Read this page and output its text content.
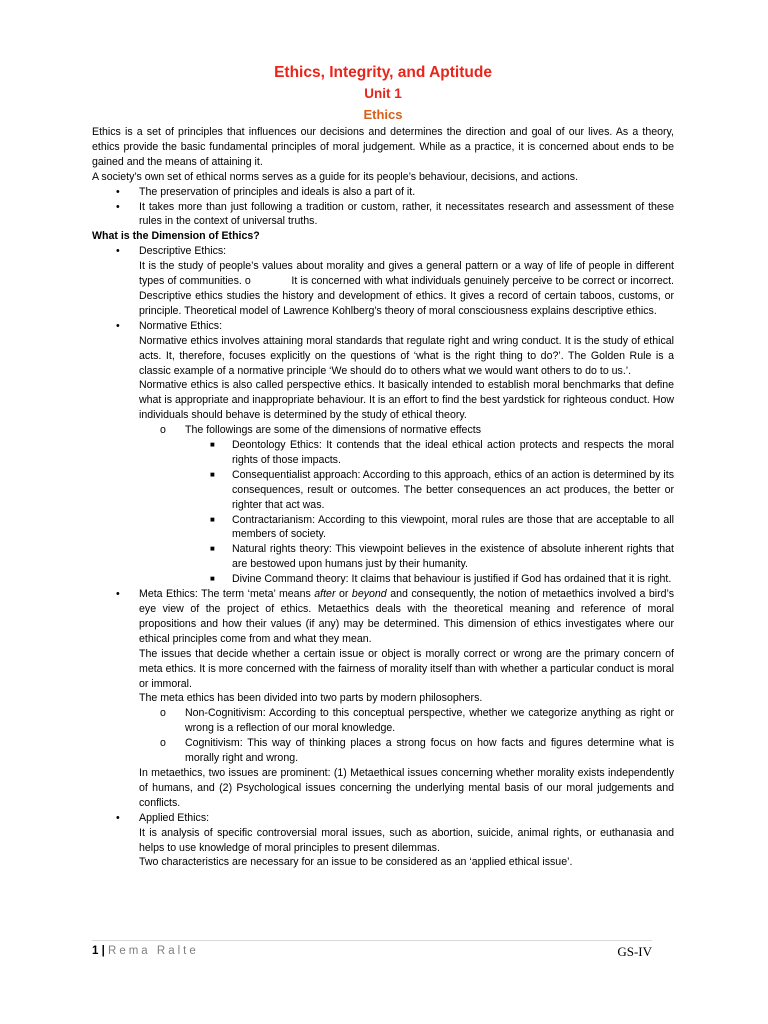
Ethics, Integrity, and Aptitude
Unit 1
Ethics

Ethics is a set of principles that influences our decisions and determines the direction and goal of our lives. As a theory, ethics provide the basic fundamental principles of moral judgement. While as a practice, it is concerned about ends to be gained and the means of attaining it.

A society’s own set of ethical norms serves as a guide for its people’s behaviour, decisions, and actions.

• The preservation of principles and ideals is also a part of it.
• It takes more than just following a tradition or custom, rather, it necessitates research and assessment of these rules in the context of universal truths.

What is the Dimension of Ethics?

• Descriptive Ethics:

It is the study of people’s values about morality and gives a general pattern or a way of life of people in different types of communities. o             It is concerned with what individuals genuinely perceive to be correct or incorrect. Descriptive ethics studies the history and development of ethics. It gives a record of certain taboos, customs, or principle. Theoretical model of Lawrence Kohlberg’s theory of moral consciousness explains descriptive ethics.

• Normative Ethics:

Normative ethics involves attaining moral standards that regulate right and wring conduct. It is the study of ethical acts. It, therefore, focuses explicitly on the questions of ‘what is the right thing to do?’. The Golden Rule is a classic example of a normative principle ‘We should do to others what we would want others to do to us.’.

Normative ethics is also called perspective ethics. It basically intended to establish moral benchmarks that define what is appropriate and inappropriate behaviour. It is an effort to find the best yardstick for righteous conduct. How individuals should behave is determined by the study of ethical theory.

o The followings are some of the dimensions of normative effects
■ Deontology Ethics: It contends that the ideal ethical action protects and respects the moral rights of those impacts.
■ Consequentialist approach: According to this approach, ethics of an action is determined by its consequences, result or outcomes. The better consequences an act produces, the better or righter that act was.
■ Contractarianism: According to this viewpoint, moral rules are those that are acceptable to all members of society.
■ Natural rights theory: This viewpoint believes in the existence of absolute inherent rights that are bestowed upon humans just by their humanity.
■ Divine Command theory: It claims that behaviour is justified if God has ordained that it is right.
• Meta Ethics: The term ‘meta’ means after or beyond and consequently, the notion of metaethics involved a bird’s eye view of the project of ethics. Metaethics deals with the theoretical meaning and reference of moral propositions and how their values (if any) may be determined. This dimension of ethics investigates where our ethical principles come from and what they mean.

The issues that decide whether a certain issue or object is morally correct or wrong are the primary concern of meta ethics. It is more concerned with the fairness of morality itself than with whether a particular conduct is moral or immoral.

The meta ethics has been divided into two parts by modern philosophers.

o Non-Cognitivism: According to this conceptual perspective, whether we categorize anything as right or wrong is a reflection of our moral knowledge.
o Cognitivism: This way of thinking places a strong focus on how facts and figures determine what is morally right and wrong.

In metaethics, two issues are prominent: (1) Metaethical issues concerning whether morality exists independently of humans, and (2) Psychological issues concerning the underlying mental basis of our moral judgements and conflicts.

• Applied Ethics:

It is analysis of specific controversial moral issues, such as abortion, suicide, animal rights, or euthanasia and helps to use knowledge of moral principles to present dilemmas.

Two characteristics are necessary for an issue to be considered as an ‘applied ethical issue’.

1 | Rema Ralte	GS-IV
